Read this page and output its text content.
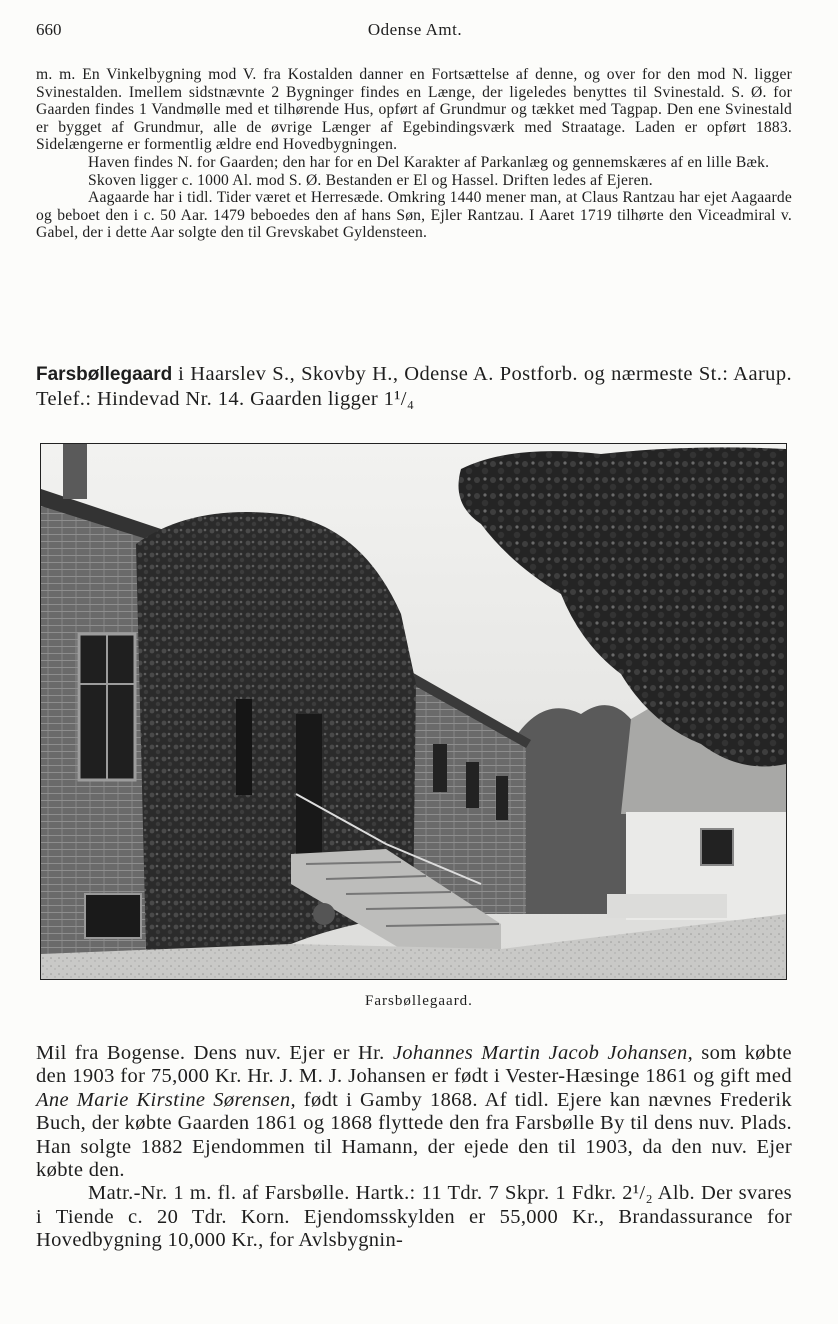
660	Odense Amt.

m. m. En Vinkelbygning mod V. fra Kostalden danner en Fortsættelse af denne, og over for den mod N. ligger Svinestalden. Imellem sidstnævnte 2 Bygninger findes en Længe, der ligeledes benyttes til Svinestald. S. Ø. for Gaarden findes 1 Vandmølle med et tilhørende Hus, opført af Grundmur og tækket med Tagpap. Den ene Svinestald er bygget af Grundmur, alle de øvrige Længer af Egebindingsværk med Straatage. Laden er opført 1883. Sidelængerne er formentlig ældre end Hovedbygningen.

Haven findes N. for Gaarden; den har for en Del Karakter af Parkanlæg og gennemskæres af en lille Bæk.

Skoven ligger c. 1000 Al. mod S. Ø. Bestanden er El og Hassel. Driften ledes af Ejeren.

Aagaarde har i tidl. Tider været et Herresæde. Omkring 1440 mener man, at Claus Rantzau har ejet Aagaarde og beboet den i c. 50 Aar. 1479 beboedes den af hans Søn, Ejler Rantzau. I Aaret 1719 tilhørte den Viceadmiral v. Gabel, der i dette Aar solgte den til Grevskabet Gyldensteen.

Farsbøllegaard i Haarslev S., Skovby H., Odense A. Postforb. og nærmeste St.: Aarup. Telef.: Hindevad Nr. 14. Gaarden ligger 1¹/₄
Farsbøllegaard.

Mil fra Bogense. Dens nuv. Ejer er Hr. Johannes Martin Jacob Johansen, som købte den 1903 for 75,000 Kr. Hr. J. M. J. Johansen er født i Vester-Hæsinge 1861 og gift med Ane Marie Kirstine Sørensen, født i Gamby 1868. Af tidl. Ejere kan nævnes Frederik Buch, der købte Gaarden 1861 og 1868 flyttede den fra Farsbølle By til dens nuv. Plads. Han solgte 1882 Ejendommen til Hamann, der ejede den til 1903, da den nuv. Ejer købte den.

Matr.-Nr. 1 m. fl. af Farsbølle. Hartk.: 11 Tdr. 7 Skpr. 1 Fdkr. 2¹/₂ Alb. Der svares i Tiende c. 20 Tdr. Korn. Ejendomsskylden er 55,000 Kr., Brandassurance for Hovedbygning 10,000 Kr., for Avlsbygnin-
